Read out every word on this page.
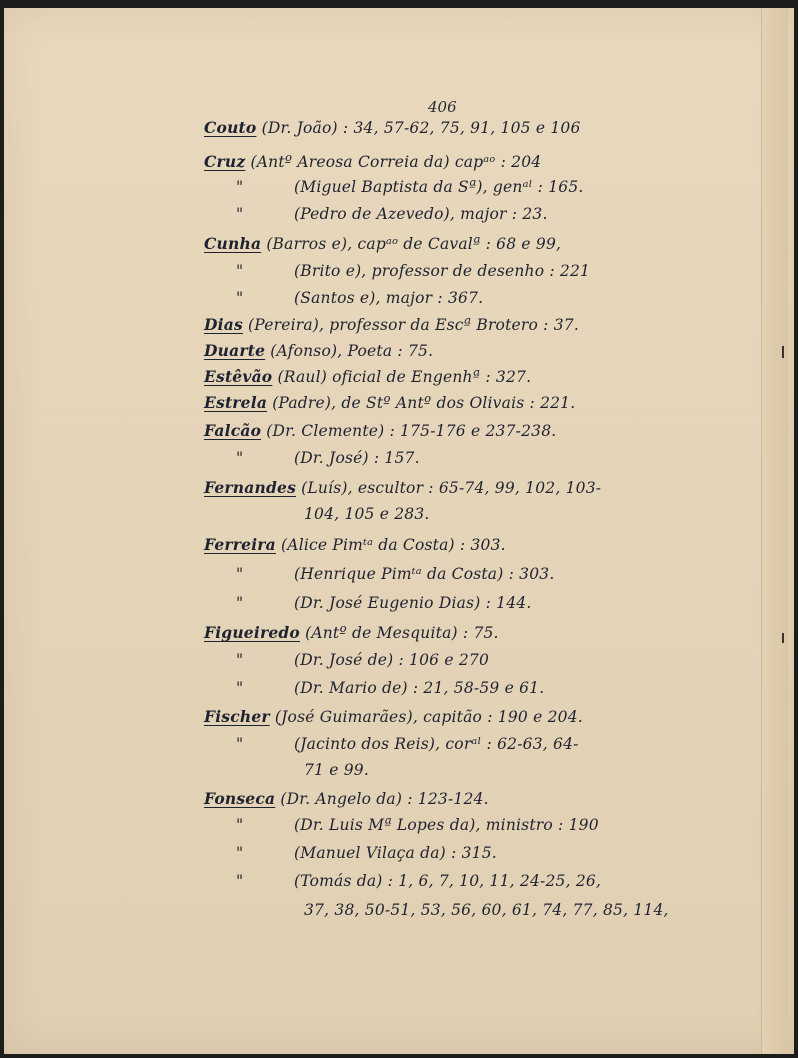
406
Couto (Dr. João) : 34, 57-62, 75, 91, 105 e 106
Cruz (Antº Areosa Correia da) capᵃᵒ : 204
"	(Miguel Baptista da Sª), genᵃˡ : 165.
"	(Pedro de Azevedo), major : 23.
Cunha (Barros e), capᵃᵒ de Cavalª : 68 e 99,
"	(Brito e), professor de desenho : 221
"	(Santos e), major : 367.
Dias (Pereira), professor da Escª Brotero : 37.
Duarte (Afonso), Poeta : 75.
Estêvão (Raul) oficial de Engenhª : 327.
Estrela (Padre), de Stº Antº dos Olivais : 221.
Falcão (Dr. Clemente) : 175-176 e 237-238.
"	(Dr. José) : 157.
Fernandes (Luís), escultor : 65-74, 99, 102, 103-
104, 105 e 283.
Ferreira (Alice Pimᵗᵃ da Costa) : 303.
"	(Henrique Pimᵗᵃ da Costa) : 303.
"	(Dr. José Eugenio Dias) : 144.
Figueiredo (Antº de Mesquita) : 75.
"	(Dr. José de) : 106 e 270
"	(Dr. Mario de) : 21, 58-59 e 61.
Fischer (José Guimarães), capitão : 190 e 204.
"	(Jacinto dos Reis), corᵃˡ : 62-63, 64-
71 e 99.
Fonseca (Dr. Angelo da) : 123-124.
"	(Dr. Luis Mª Lopes da), ministro : 190
"	(Manuel Vilaça da) : 315.
"	(Tomás da) : 1, 6, 7, 10, 11, 24-25, 26,
37, 38, 50-51, 53, 56, 60, 61, 74, 77, 85, 114,
